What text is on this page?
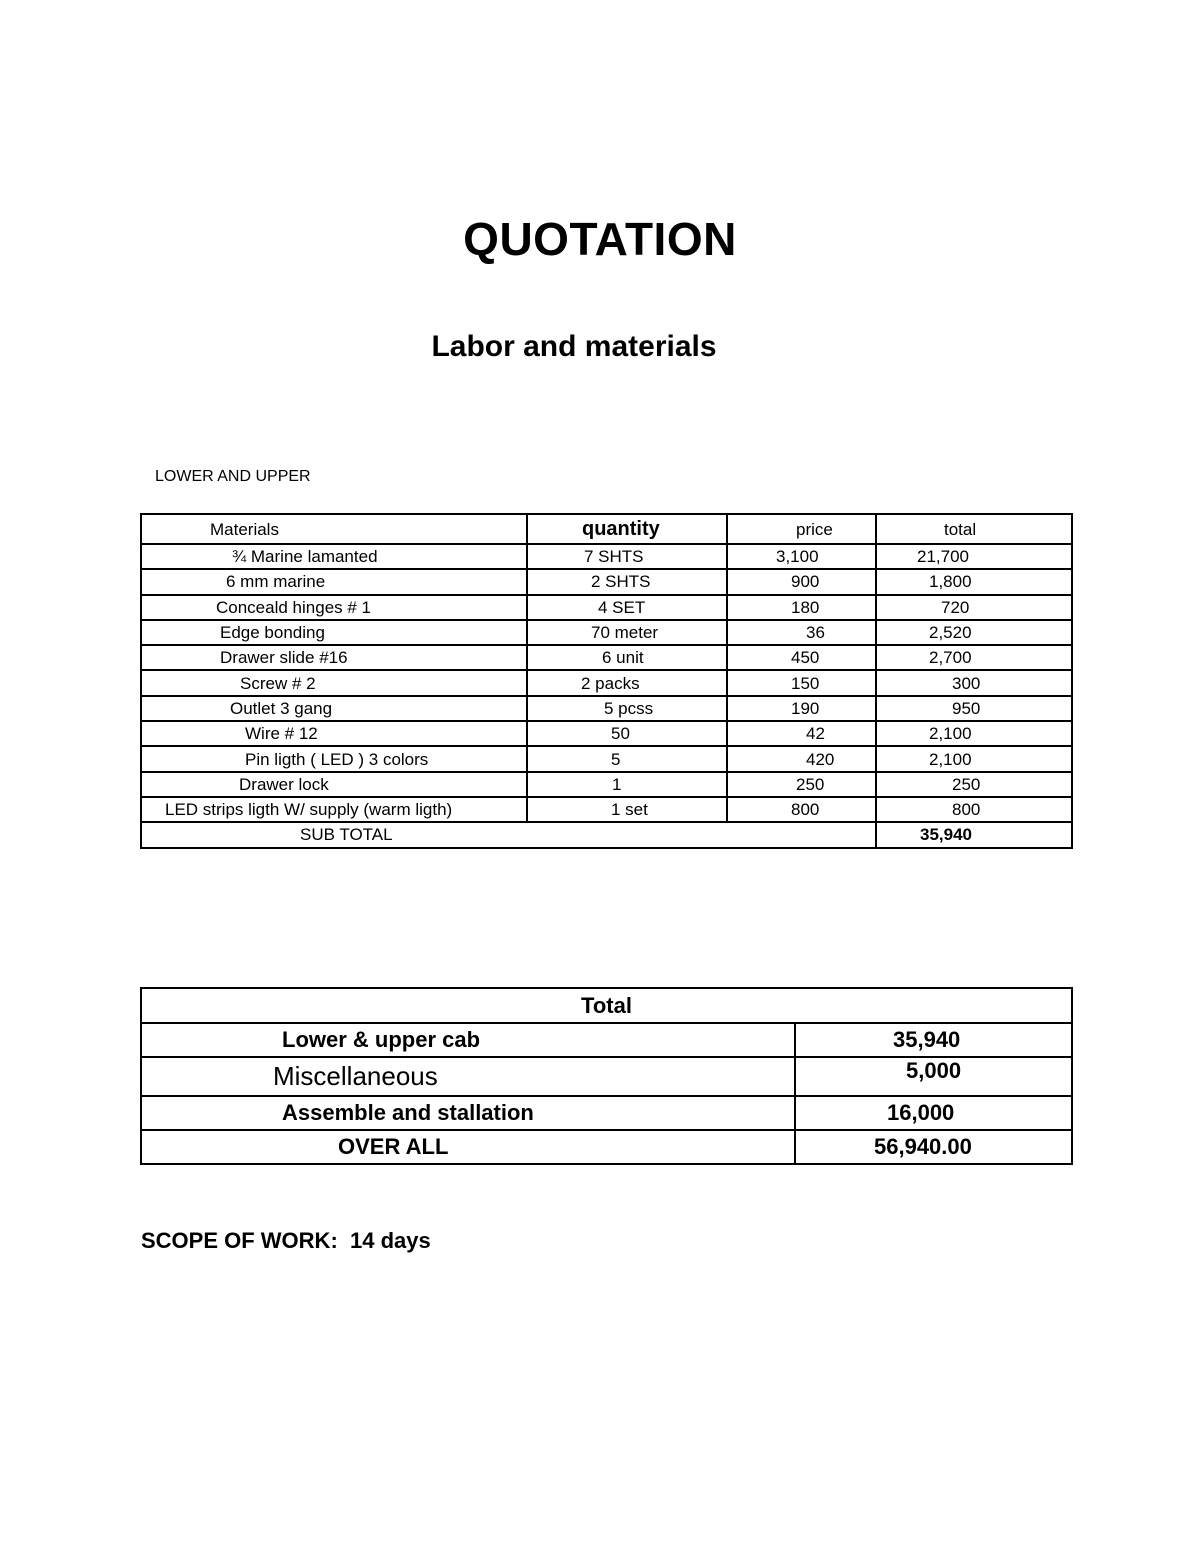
QUOTATION
Labor and materials
LOWER AND UPPER
Materials	quantity	price	total
¾ Marine lamanted	7 SHTS	3,100	21,700
6 mm marine	2 SHTS	900	1,800
Conceald hinges # 1	4 SET	180	720
Edge bonding	70 meter	36	2,520
Drawer slide #16	6 unit	450	2,700
Screw # 2	2 packs	150	300
Outlet 3 gang	5 pcss	190	950
Wire # 12	50	42	2,100
Pin ligth ( LED ) 3 colors	5	420	2,100
Drawer lock	1	250	250
LED strips ligth W/ supply (warm ligth)	1 set	800	800
SUB TOTAL			35,940
Total	
Lower & upper cab	35,940
Miscellaneous	5,000
Assemble and stallation	16,000
OVER ALL	56,940.00
SCOPE OF WORK: 14 days
